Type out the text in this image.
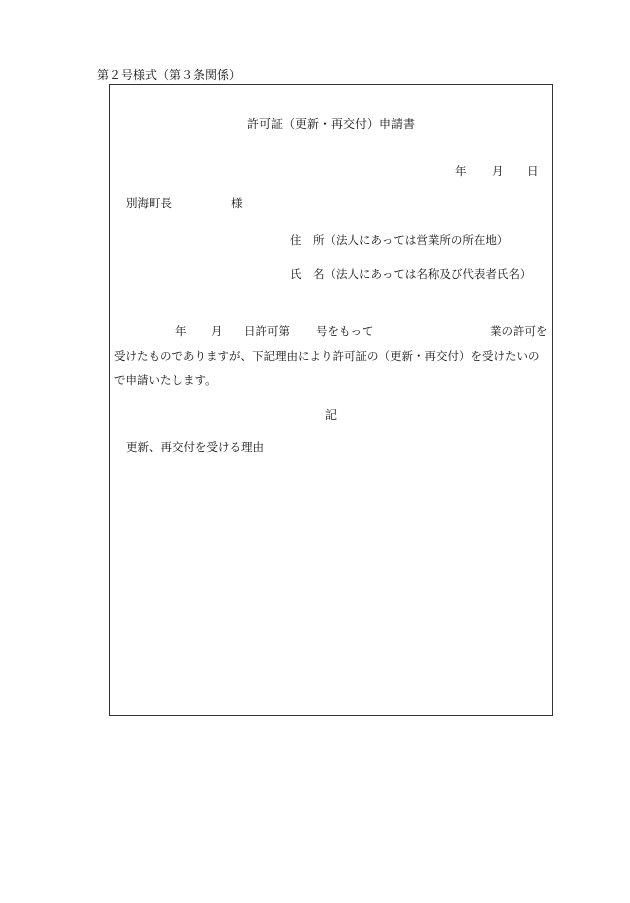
第２号様式（第３条関係）
許可証（更新・再交付）申請書
年 月 日
別海町長	様
住　所（法人にあっては営業所の所在地）
氏　名（法人にあっては名称及び代表者氏名）
年 月 日許可第 号をもって	業の許可を
受けたものでありますが、下記理由により許可証の（更新・再交付）を受けたいの
で申請いたします。
記
更新、再交付を受ける理由
